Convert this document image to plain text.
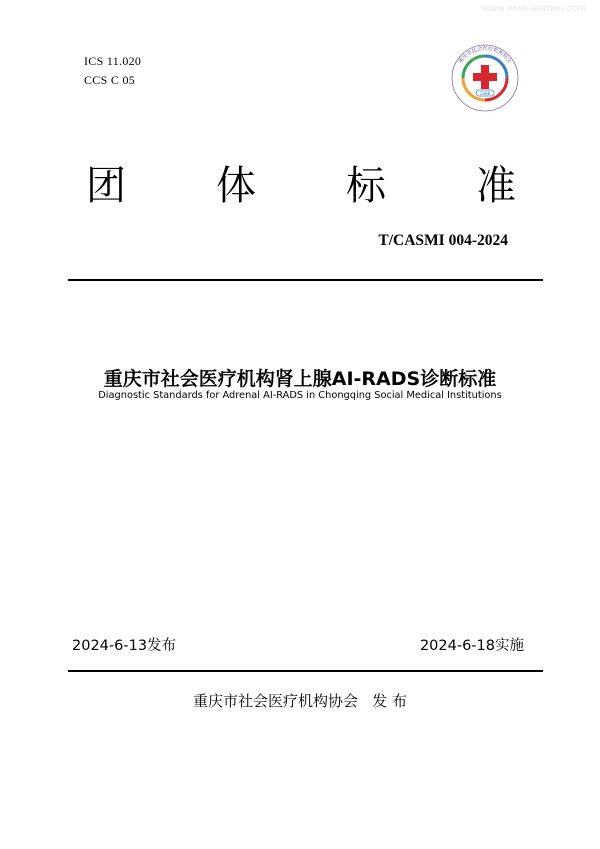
www.xxxbiaozhun.com
ICS 11.020
CCS C 05
1988
重庆市社会医疗机构协会
团 体 标 准
T/CASMI 004-2024
重庆市社会医疗机构肾上腺AI-RADS诊断标准
Diagnostic Standards for Adrenal AI-RADS in Chongqing Social Medical Institutions
2024-6-13发布	2024-6-18实施
重庆市社会医疗机构协会   发 布
